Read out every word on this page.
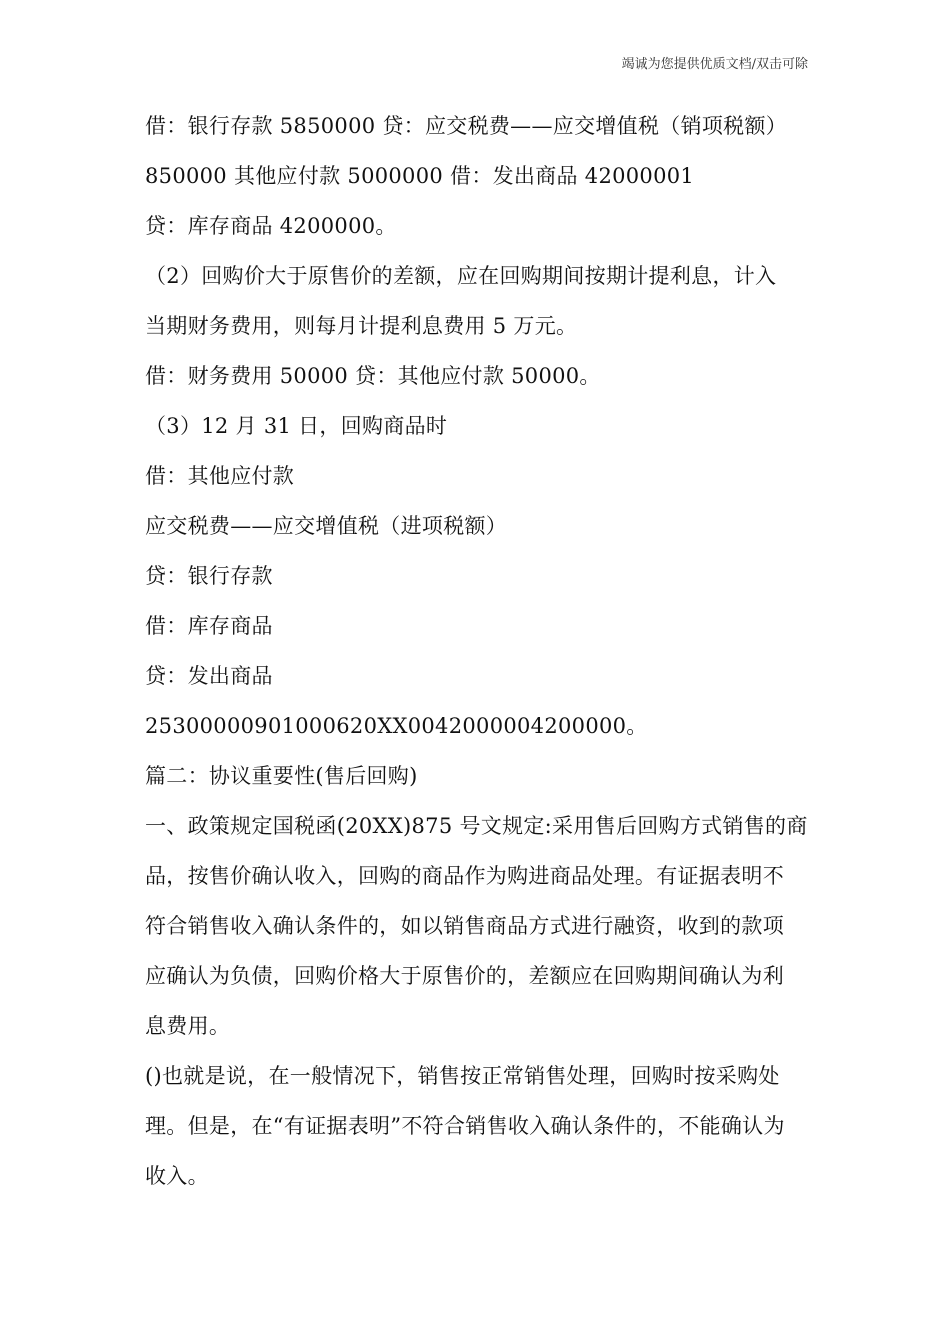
竭诚为您提供优质文档/双击可除
借：银行存款 5850000 贷：应交税费——应交增值税（销项税额）
850000 其他应付款 5000000 借：发出商品 42000001
贷：库存商品 4200000。
（2）回购价大于原售价的差额，应在回购期间按期计提利息，计入
当期财务费用，则每月计提利息费用 5 万元。
借：财务费用 50000 贷：其他应付款 50000。
（3）12 月 31 日，回购商品时
借：其他应付款
应交税费——应交增值税（进项税额）
贷：银行存款
借：库存商品
贷：发出商品
25300000901000620XX0042000004200000。
篇二：协议重要性(售后回购)
一、政策规定国税函(20XX)875 号文规定:采用售后回购方式销售的商
品，按售价确认收入，回购的商品作为购进商品处理。有证据表明不
符合销售收入确认条件的，如以销售商品方式进行融资，收到的款项
应确认为负债，回购价格大于原售价的，差额应在回购期间确认为利
息费用。
()也就是说，在一般情况下，销售按正常销售处理，回购时按采购处
理。但是，在“有证据表明”不符合销售收入确认条件的，不能确认为
收入。
